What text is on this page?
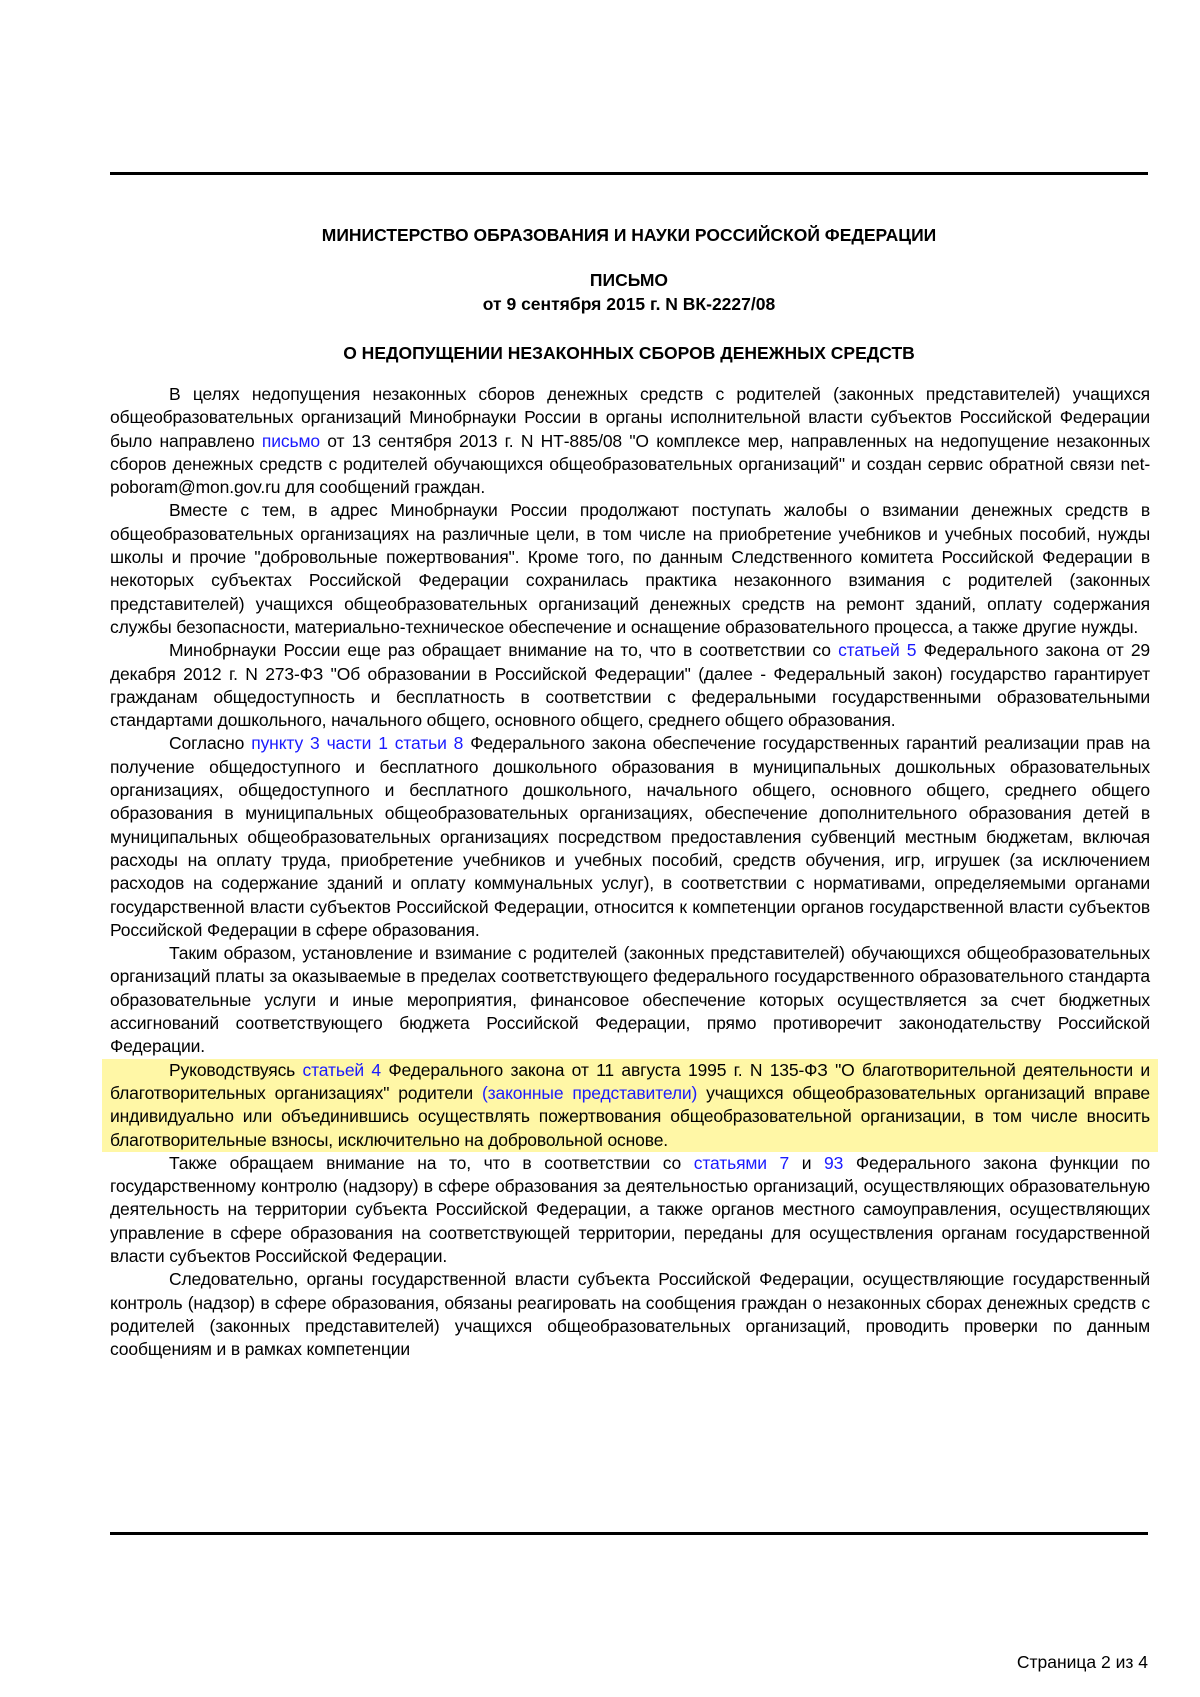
МИНИСТЕРСТВО ОБРАЗОВАНИЯ И НАУКИ РОССИЙСКОЙ ФЕДЕРАЦИИ
ПИСЬМО
от 9 сентября 2015 г. N ВК-2227/08
О НЕДОПУЩЕНИИ НЕЗАКОННЫХ СБОРОВ ДЕНЕЖНЫХ СРЕДСТВ

В целях недопущения незаконных сборов денежных средств с родителей (законных представителей) учащихся общеобразовательных организаций Минобрнауки России в органы исполнительной власти субъектов Российской Федерации было направлено письмо от 13 сентября 2013 г. N НТ-885/08 "О комплексе мер, направленных на недопущение незаконных сборов денежных средств с родителей обучающихся общеобразовательных организаций" и создан сервис обратной связи net-poboram@mon.gov.ru для сообщений граждан.

Вместе с тем, в адрес Минобрнауки России продолжают поступать жалобы о взимании денежных средств в общеобразовательных организациях на различные цели, в том числе на приобретение учебников и учебных пособий, нужды школы и прочие "добровольные пожертвования". Кроме того, по данным Следственного комитета Российской Федерации в некоторых субъектах Российской Федерации сохранилась практика незаконного взимания с родителей (законных представителей) учащихся общеобразовательных организаций денежных средств на ремонт зданий, оплату содержания службы безопасности, материально-техническое обеспечение и оснащение образовательного процесса, а также другие нужды.

Минобрнауки России еще раз обращает внимание на то, что в соответствии со статьей 5 Федерального закона от 29 декабря 2012 г. N 273-ФЗ "Об образовании в Российской Федерации" (далее - Федеральный закон) государство гарантирует гражданам общедоступность и бесплатность в соответствии с федеральными государственными образовательными стандартами дошкольного, начального общего, основного общего, среднего общего образования.

Согласно пункту 3 части 1 статьи 8 Федерального закона обеспечение государственных гарантий реализации прав на получение общедоступного и бесплатного дошкольного образования в муниципальных дошкольных образовательных организациях, общедоступного и бесплатного дошкольного, начального общего, основного общего, среднего общего образования в муниципальных общеобразовательных организациях, обеспечение дополнительного образования детей в муниципальных общеобразовательных организациях посредством предоставления субвенций местным бюджетам, включая расходы на оплату труда, приобретение учебников и учебных пособий, средств обучения, игр, игрушек (за исключением расходов на содержание зданий и оплату коммунальных услуг), в соответствии с нормативами, определяемыми органами государственной власти субъектов Российской Федерации, относится к компетенции органов государственной власти субъектов Российской Федерации в сфере образования.

Таким образом, установление и взимание с родителей (законных представителей) обучающихся общеобразовательных организаций платы за оказываемые в пределах соответствующего федерального государственного образовательного стандарта образовательные услуги и иные мероприятия, финансовое обеспечение которых осуществляется за счет бюджетных ассигнований соответствующего бюджета Российской Федерации, прямо противоречит законодательству Российской Федерации.

Руководствуясь статьей 4 Федерального закона от 11 августа 1995 г. N 135-ФЗ "О благотворительной деятельности и благотворительных организациях" родители (законные представители) учащихся общеобразовательных организаций вправе индивидуально или объединившись осуществлять пожертвования общеобразовательной организации, в том числе вносить благотворительные взносы, исключительно на добровольной основе.

Также обращаем внимание на то, что в соответствии со статьями 7 и 93 Федерального закона функции по государственному контролю (надзору) в сфере образования за деятельностью организаций, осуществляющих образовательную деятельность на территории субъекта Российской Федерации, а также органов местного самоуправления, осуществляющих управление в сфере образования на соответствующей территории, переданы для осуществления органам государственной власти субъектов Российской Федерации.

Следовательно, органы государственной власти субъекта Российской Федерации, осуществляющие государственный контроль (надзор) в сфере образования, обязаны реагировать на сообщения граждан о незаконных сборах денежных средств с родителей (законных представителей) учащихся общеобразовательных организаций, проводить проверки по данным сообщениям и в рамках компетенции

Страница 2 из 4
